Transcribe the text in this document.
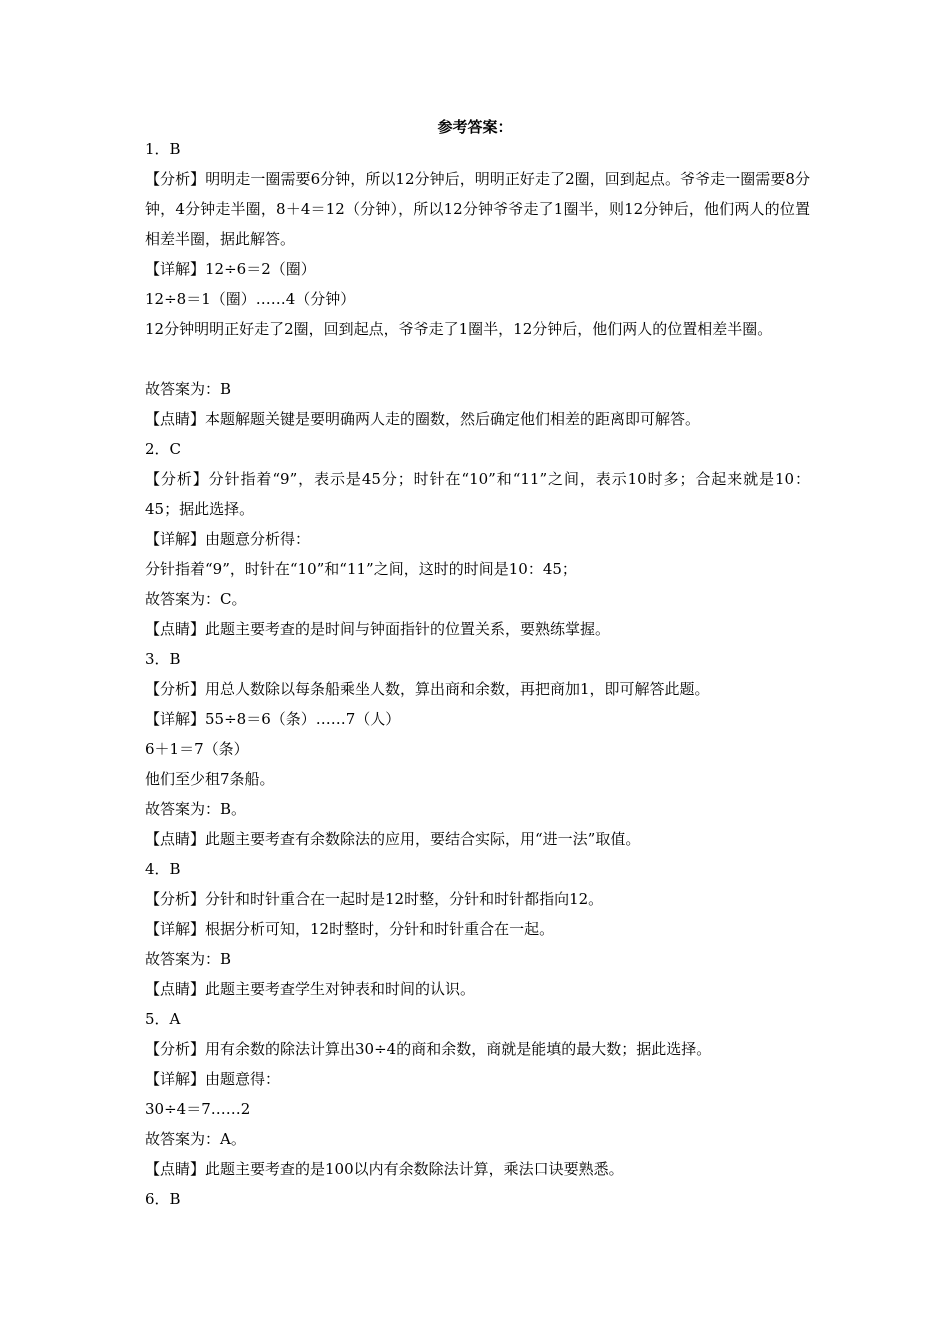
参考答案：
1．B
【分析】明明走一圈需要6分钟，所以12分钟后，明明正好走了2圈，回到起点。爷爷走一圈需要8分钟，4分钟走半圈，8＋4＝12（分钟），所以12分钟爷爷走了1圈半，则12分钟后，他们两人的位置相差半圈，据此解答。
【详解】12÷6＝2（圈）
12÷8＝1（圈）……4（分钟）
12分钟明明正好走了2圈，回到起点，爷爷走了1圈半，12分钟后，他们两人的位置相差半圈。
故答案为：B
【点睛】本题解题关键是要明确两人走的圈数，然后确定他们相差的距离即可解答。
2．C
【分析】分针指着“9”，表示是45分；时针在“10”和“11”之间，表示10时多；合起来就是10：45；据此选择。
【详解】由题意分析得：
分针指着“9”，时针在“10”和“11”之间，这时的时间是10：45；
故答案为：C。
【点睛】此题主要考查的是时间与钟面指针的位置关系，要熟练掌握。
3．B
【分析】用总人数除以每条船乘坐人数，算出商和余数，再把商加1，即可解答此题。
【详解】55÷8＝6（条）……7（人）
6＋1＝7（条）
他们至少租7条船。
故答案为：B。
【点睛】此题主要考查有余数除法的应用，要结合实际，用“进一法”取值。
4．B
【分析】分针和时针重合在一起时是12时整，分针和时针都指向12。
【详解】根据分析可知，12时整时，分针和时针重合在一起。
故答案为：B
【点睛】此题主要考查学生对钟表和时间的认识。
5．A
【分析】用有余数的除法计算出30÷4的商和余数，商就是能填的最大数；据此选择。
【详解】由题意得：
30÷4＝7……2
故答案为：A。
【点睛】此题主要考查的是100以内有余数除法计算，乘法口诀要熟悉。
6．B
